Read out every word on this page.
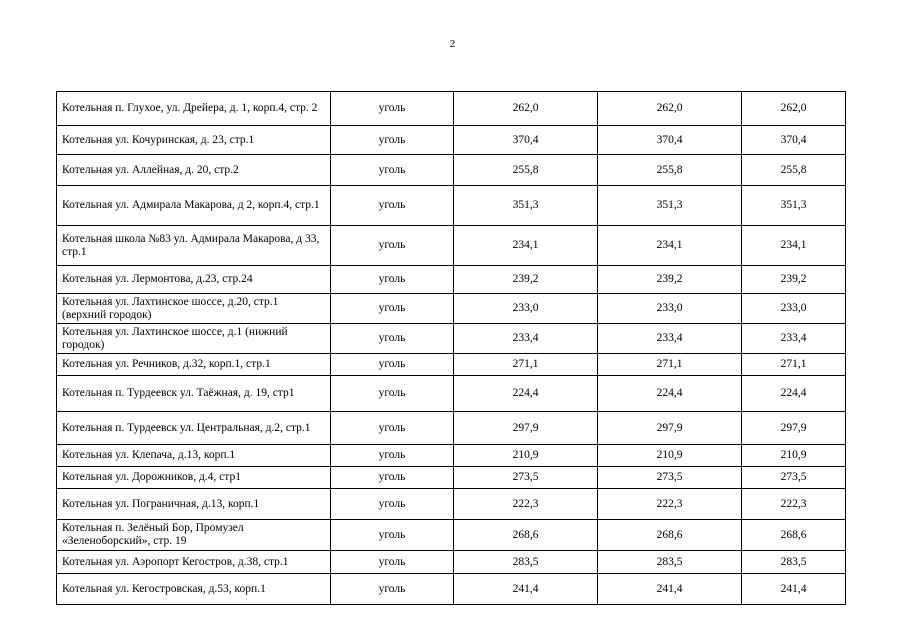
2
Котельная п. Глухое, ул. Дрейера, д. 1, корп.4, стр. 2	уголь	262,0	262,0	262,0
Котельная ул. Кочуринская, д. 23, стр.1	уголь	370,4	370,4	370,4
Котельная ул. Аллейная, д. 20, стр.2	уголь	255,8	255,8	255,8
Котельная ул. Адмирала Макарова, д 2, корп.4, стр.1	уголь	351,3	351,3	351,3
Котельная школа №83 ул. Адмирала Макарова, д 33, стр.1	уголь	234,1	234,1	234,1
Котельная ул. Лермонтова, д.23, стр.24	уголь	239,2	239,2	239,2
Котельная ул. Лахтинское шоссе, д.20, стр.1 (верхний городок)	уголь	233,0	233,0	233,0
Котельная ул. Лахтинское шоссе, д.1 (нижний городок)	уголь	233,4	233,4	233,4
Котельная ул. Речников, д.32, корп.1, стр.1	уголь	271,1	271,1	271,1
Котельная п. Турдеевск ул. Таёжная, д. 19, стр1	уголь	224,4	224,4	224,4
Котельная п. Турдеевск ул. Центральная, д.2, стр.1	уголь	297,9	297,9	297,9
Котельная ул. Клепача, д.13, корп.1	уголь	210,9	210,9	210,9
Котельная ул. Дорожников, д.4, стр1	уголь	273,5	273,5	273,5
Котельная ул. Пограничная, д.13, корп.1	уголь	222,3	222,3	222,3
Котельная п. Зелёный Бор, Промузел «Зеленоборский», стр. 19	уголь	268,6	268,6	268,6
Котельная ул. Аэропорт Кегостров, д.38, стр.1	уголь	283,5	283,5	283,5
Котельная ул. Кегостровская, д.53, корп.1	уголь	241,4	241,4	241,4
